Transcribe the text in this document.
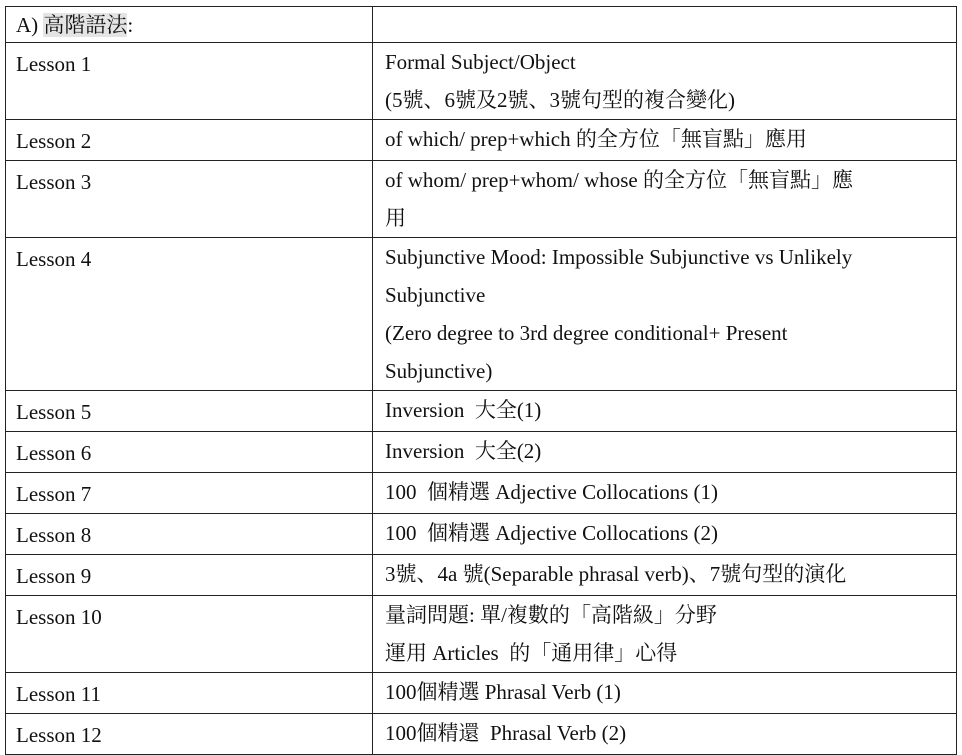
A) 高階語法:	
Lesson 1	Formal Subject/Object
(5號、6號及2號、3號句型的複合變化)

Lesson 2	of which/ prep+which 的全方位「無盲點」應用

Lesson 3	of whom/ prep+whom/ whose 的全方位「無盲點」應
用

Lesson 4	Subjunctive Mood: Impossible Subjunctive vs Unlikely
Subjunctive
(Zero degree to 3rd degree conditional+ Present
Subjunctive)

Lesson 5	Inversion  大全(1)

Lesson 6	Inversion  大全(2)

Lesson 7	100  個精選 Adjective Collocations (1)

Lesson 8	100  個精選 Adjective Collocations (2)

Lesson 9	3號、4a 號(Separable phrasal verb)、7號句型的演化

Lesson 10	量詞問題: 單/複數的「高階級」分野
運用 Articles  的「通用律」心得

Lesson 11	100個精選 Phrasal Verb (1)

Lesson 12	100個精還  Phrasal Verb (2)
